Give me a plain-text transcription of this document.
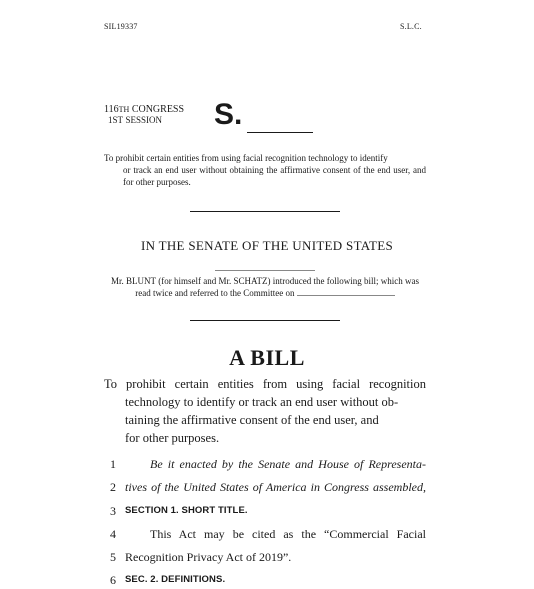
SIL19337	S.L.C.
116TH CONGRESS
1ST SESSION	S.
To prohibit certain entities from using facial recognition technology to identify
or track an end user without obtaining the affirmative consent of the end user, and for other purposes.
IN THE SENATE OF THE UNITED STATES
Mr. BLUNT (for himself and Mr. SCHATZ) introduced the following bill; which was read twice and referred to the Committee on
A BILL
To prohibit certain entities from using facial recognition
technology to identify or track an end user without ob-
taining the affirmative consent of the end user, and
for other purposes.
1	Be it enacted by the Senate and House of Representa-
2 tives of the United States of America in Congress assembled,
3 SECTION 1. SHORT TITLE.
4	This Act may be cited as the “Commercial Facial
5 Recognition Privacy Act of 2019”.
6 SEC. 2. DEFINITIONS.
